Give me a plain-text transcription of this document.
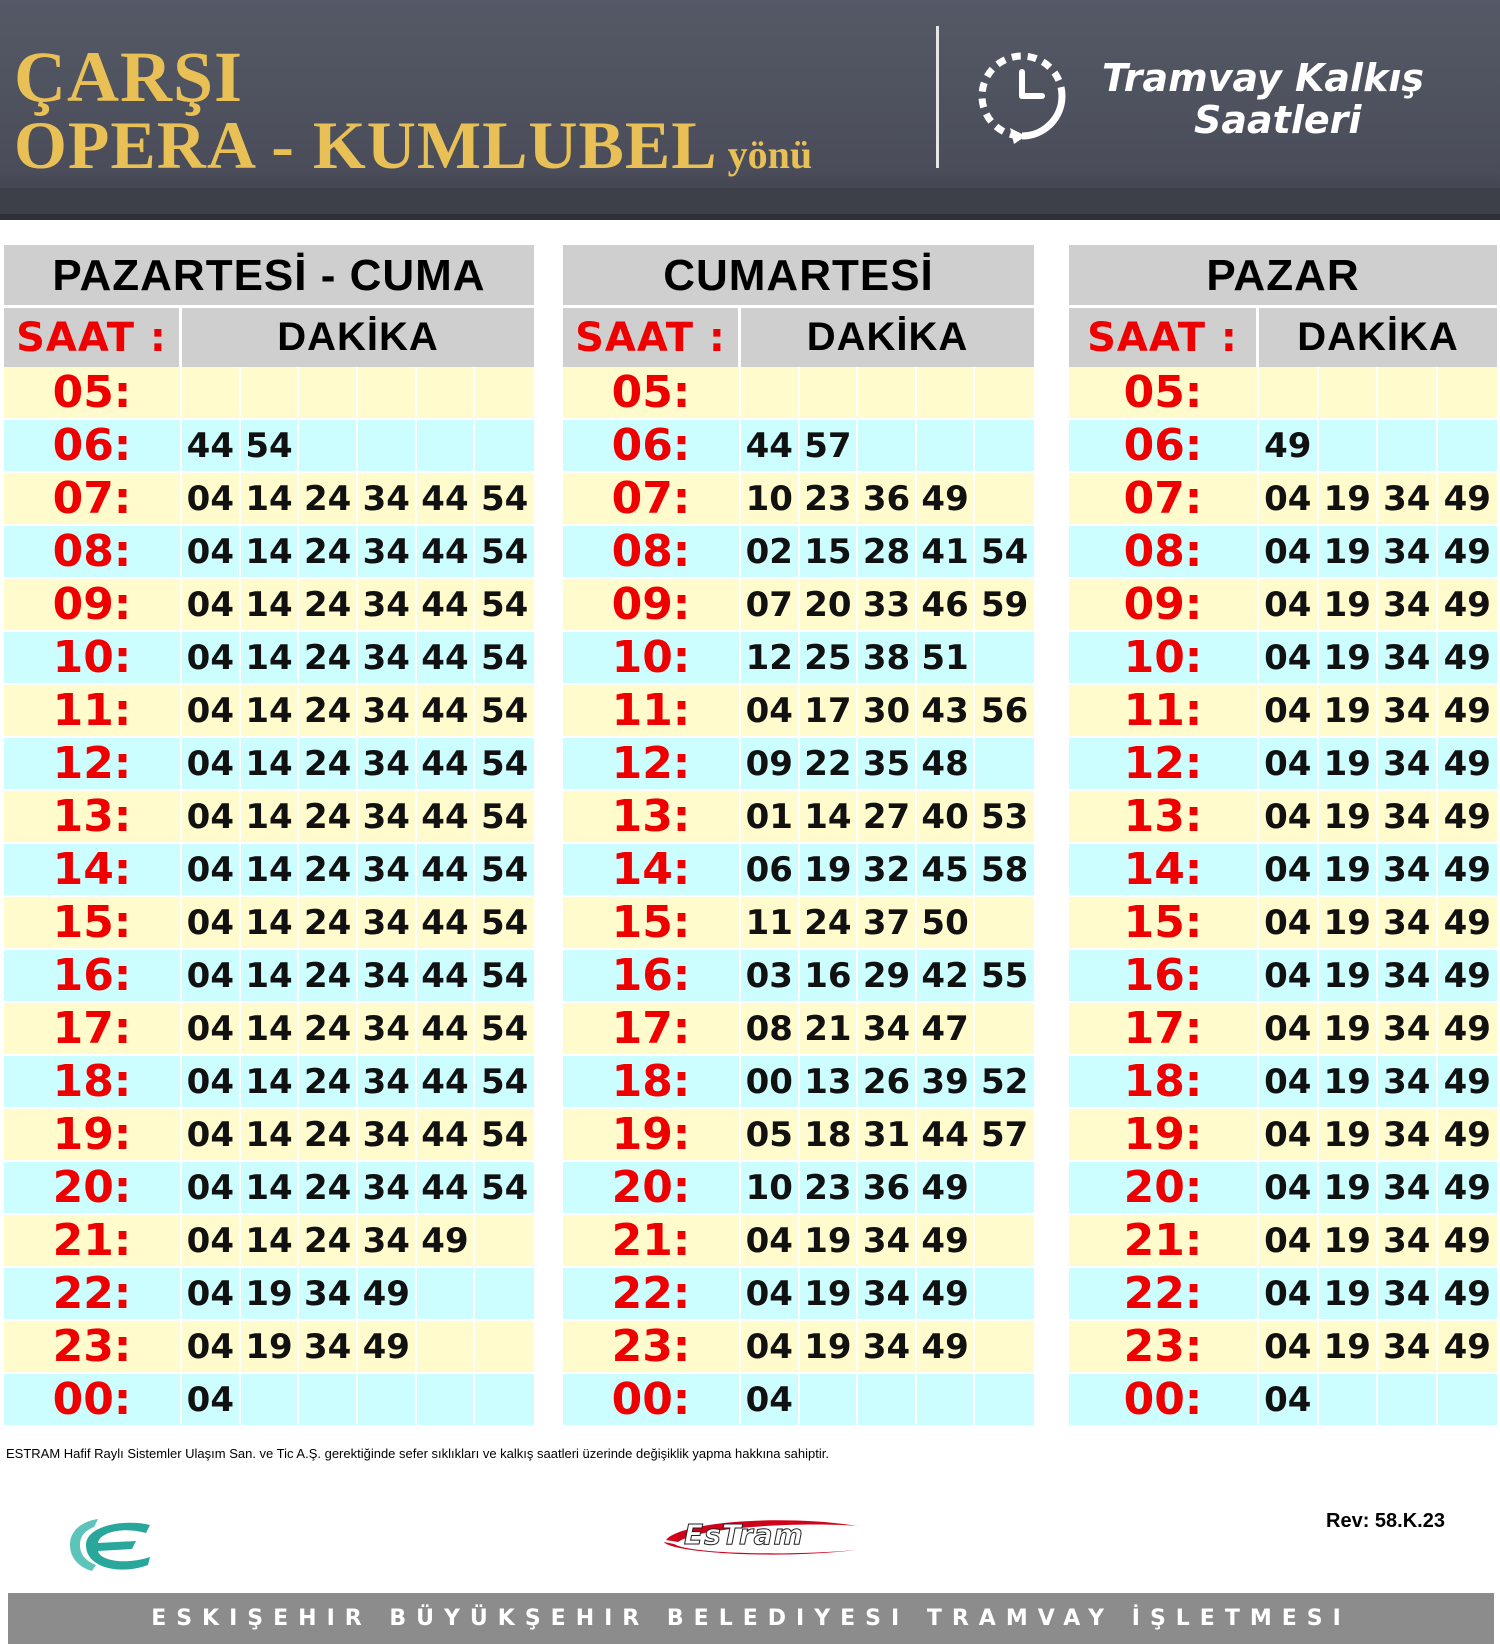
ÇARŞI
OPERA - KUMLUBEL yönü
Tramvay Kalkış
Saatleri
PAZARTESİ - CUMA
SAAT :	DAKİKA
05:
06:	44 54
07:	04 14 24 34 44 54
08:	04 14 24 34 44 54
09:	04 14 24 34 44 54
10:	04 14 24 34 44 54
11:	04 14 24 34 44 54
12:	04 14 24 34 44 54
13:	04 14 24 34 44 54
14:	04 14 24 34 44 54
15:	04 14 24 34 44 54
16:	04 14 24 34 44 54
17:	04 14 24 34 44 54
18:	04 14 24 34 44 54
19:	04 14 24 34 44 54
20:	04 14 24 34 44 54
21:	04 14 24 34 49
22:	04 19 34 49
23:	04 19 34 49
00:	04
CUMARTESİ
SAAT :	DAKİKA
05:
06:	44 57
07:	10 23 36 49
08:	02 15 28 41 54
09:	07 20 33 46 59
10:	12 25 38 51
11:	04 17 30 43 56
12:	09 22 35 48
13:	01 14 27 40 53
14:	06 19 32 45 58
15:	11 24 37 50
16:	03 16 29 42 55
17:	08 21 34 47
18:	00 13 26 39 52
19:	05 18 31 44 57
20:	10 23 36 49
21:	04 19 34 49
22:	04 19 34 49
23:	04 19 34 49
00:	04
PAZAR
SAAT :	DAKİKA
05:
06:	49
07:	04 19 34 49
08:	04 19 34 49
09:	04 19 34 49
10:	04 19 34 49
11:	04 19 34 49
12:	04 19 34 49
13:	04 19 34 49
14:	04 19 34 49
15:	04 19 34 49
16:	04 19 34 49
17:	04 19 34 49
18:	04 19 34 49
19:	04 19 34 49
20:	04 19 34 49
21:	04 19 34 49
22:	04 19 34 49
23:	04 19 34 49
00:	04
ESTRAM Hafif Raylı Sistemler Ulaşım San. ve Tic A.Ş. gerektiğinde sefer sıklıkları ve kalkış saatleri üzerinde değişiklik yapma hakkına sahiptir.
EsTram	Rev: 58.K.23
ESKIŞEHIR BÜYÜKŞEHIR BELEDIYESI TRAMVAY İŞLETMESI
